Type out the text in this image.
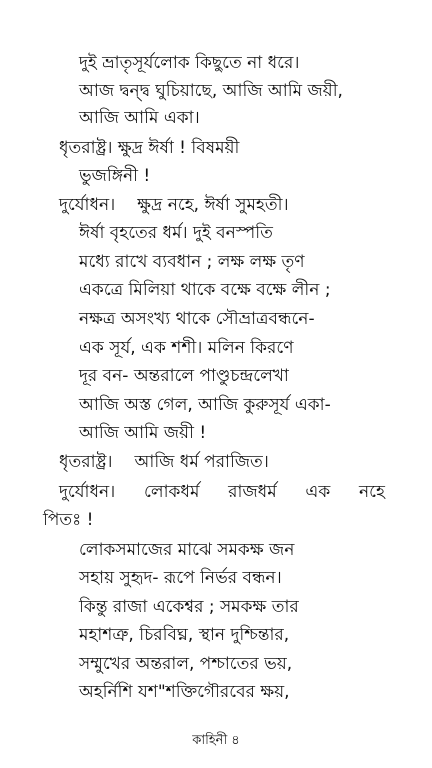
দুই ভ্রাতৃসূর্যলোক কিছুতে না ধরে।
আজ দ্বন্দ্ব ঘুচিয়াছে, আজি আমি জয়ী,
আজি আমি একা।
ধৃতরাষ্ট্র। ক্ষুদ্র ঈর্ষা ! বিষময়ী
ভুজঙ্গিনী !
দুর্যোধন। ক্ষুদ্র নহে, ঈর্ষা সুমহতী।
ঈর্ষা বৃহতের ধর্ম। দুই বনস্পতি
মধ্যে রাখে ব্যবধান ; লক্ষ লক্ষ তৃণ
একত্রে মিলিয়া থাকে বক্ষে বক্ষে লীন ;
নক্ষত্র অসংখ্য থাকে সৌভ্রাত্রবন্ধনে-
এক সূর্য, এক শশী। মলিন কিরণে
দূর বন- অন্তরালে পাণ্ডুচন্দ্রলেখা
আজি অস্ত গেল, আজি কুরুসূর্য একা-
আজি আমি জয়ী !
ধৃতরাষ্ট্র। আজি ধর্ম পরাজিত।
দুর্যোধন। লোকধর্ম রাজধর্ম এক নহে
পিতঃ !
লোকসমাজের মাঝে সমকক্ষ জন
সহায় সুহৃদ- রূপে নির্ভর বন্ধন।
কিন্তু রাজা একেশ্বর ; সমকক্ষ তার
মহাশত্রু, চিরবিঘ্ন, স্থান দুশ্চিন্তার,
সম্মুখের অন্তরাল, পশ্চাতের ভয়,
অহর্নিশি যশ"শক্তিগৌরবের ক্ষয়,
কাহিনী ৪
